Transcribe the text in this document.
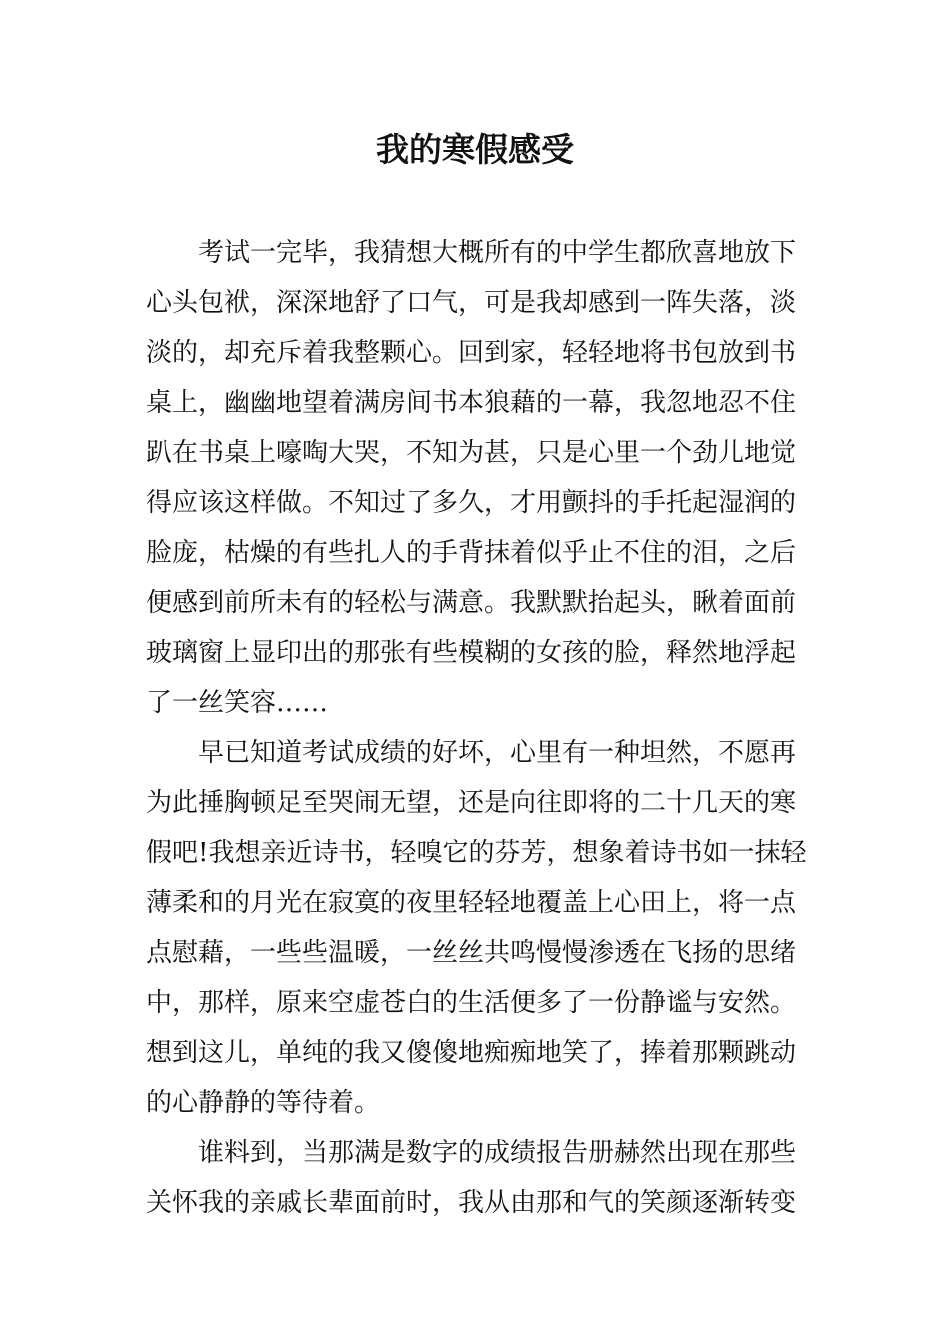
我的寒假感受

考试一完毕，我猜想大概所有的中学生都欣喜地放下
心头包袱，深深地舒了口气，可是我却感到一阵失落，淡
淡的，却充斥着我整颗心。回到家，轻轻地将书包放到书
桌上，幽幽地望着满房间书本狼藉的一幕，我忽地忍不住
趴在书桌上嚎啕大哭，不知为甚，只是心里一个劲儿地觉
得应该这样做。不知过了多久，才用颤抖的手托起湿润的
脸庞，枯燥的有些扎人的手背抹着似乎止不住的泪，之后
便感到前所未有的轻松与满意。我默默抬起头，瞅着面前
玻璃窗上显印出的那张有些模糊的女孩的脸，释然地浮起
了一丝笑容……

早已知道考试成绩的好坏，心里有一种坦然，不愿再
为此捶胸顿足至哭闹无望，还是向往即将的二十几天的寒
假吧!我想亲近诗书，轻嗅它的芬芳，想象着诗书如一抹轻
薄柔和的月光在寂寞的夜里轻轻地覆盖上心田上，将一点
点慰藉，一些些温暖，一丝丝共鸣慢慢渗透在飞扬的思绪
中，那样，原来空虚苍白的生活便多了一份静谧与安然。
想到这儿，单纯的我又傻傻地痴痴地笑了，捧着那颗跳动
的心静静的等待着。

谁料到，当那满是数字的成绩报告册赫然出现在那些
关怀我的亲戚长辈面前时，我从由那和气的笑颜逐渐转变
